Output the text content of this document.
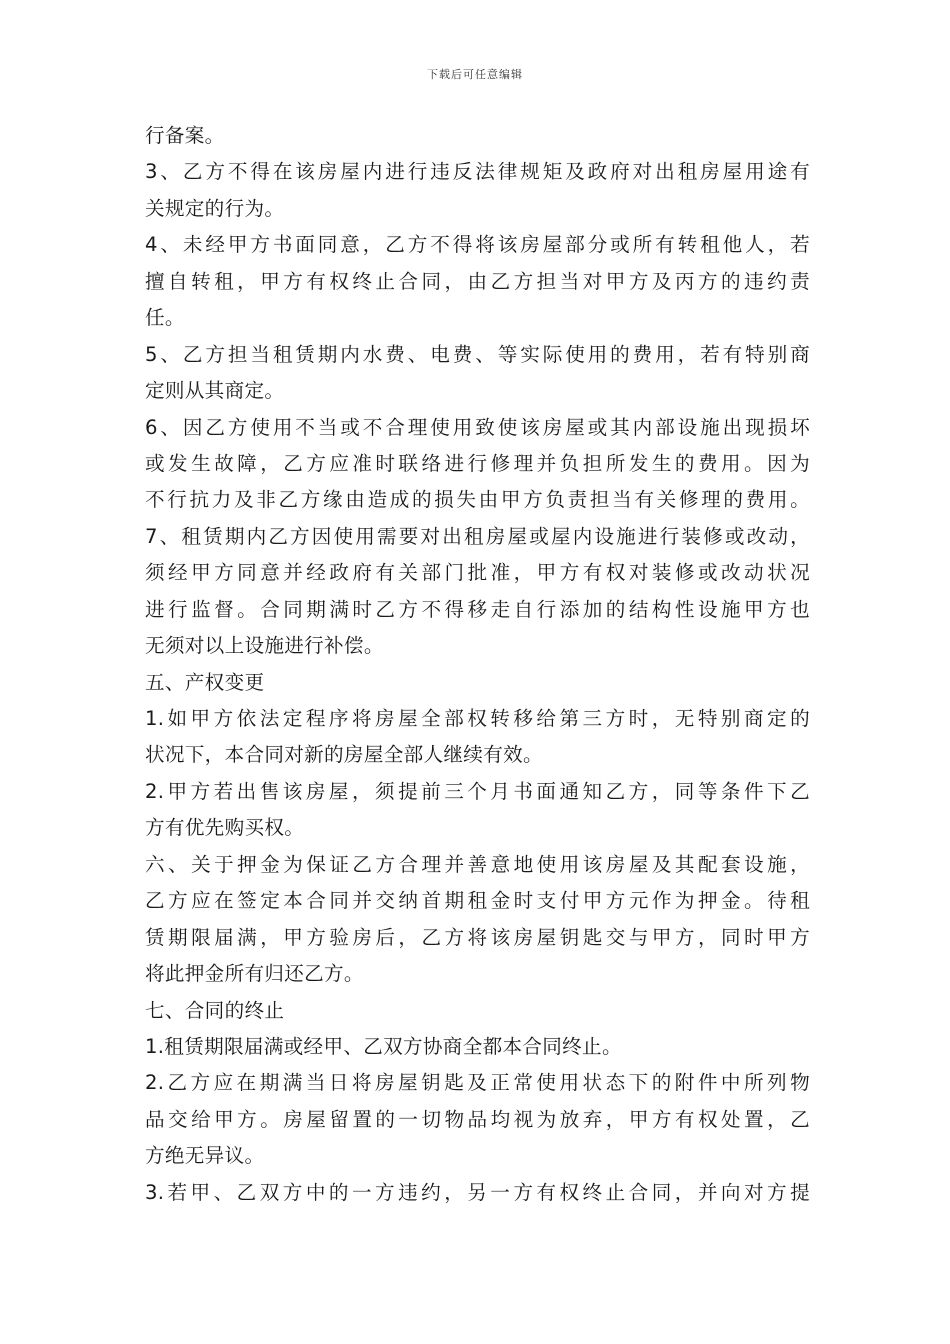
下载后可任意编辑
行备案。
3、乙方不得在该房屋内进行违反法律规矩及政府对出租房屋用途有
关规定的行为。
4、未经甲方书面同意，乙方不得将该房屋部分或所有转租他人，若
擅自转租，甲方有权终止合同，由乙方担当对甲方及丙方的违约责
任。
5、乙方担当租赁期内水费、电费、等实际使用的费用，若有特别商
定则从其商定。
6、因乙方使用不当或不合理使用致使该房屋或其内部设施出现损坏
或发生故障，乙方应准时联络进行修理并负担所发生的费用。因为
不行抗力及非乙方缘由造成的损失由甲方负责担当有关修理的费用。
7、租赁期内乙方因使用需要对出租房屋或屋内设施进行装修或改动，
须经甲方同意并经政府有关部门批准，甲方有权对装修或改动状况
进行监督。合同期满时乙方不得移走自行添加的结构性设施甲方也
无须对以上设施进行补偿。
五、产权变更
1.如甲方依法定程序将房屋全部权转移给第三方时，无特别商定的
状况下，本合同对新的房屋全部人继续有效。
2.甲方若出售该房屋，须提前三个月书面通知乙方，同等条件下乙
方有优先购买权。
六、关于押金为保证乙方合理并善意地使用该房屋及其配套设施，
乙方应在签定本合同并交纳首期租金时支付甲方元作为押金。待租
赁期限届满，甲方验房后，乙方将该房屋钥匙交与甲方，同时甲方
将此押金所有归还乙方。
七、合同的终止
1.租赁期限届满或经甲、乙双方协商全都本合同终止。
2.乙方应在期满当日将房屋钥匙及正常使用状态下的附件中所列物
品交给甲方。房屋留置的一切物品均视为放弃，甲方有权处置，乙
方绝无异议。
3.若甲、乙双方中的一方违约，另一方有权终止合同，并向对方提
